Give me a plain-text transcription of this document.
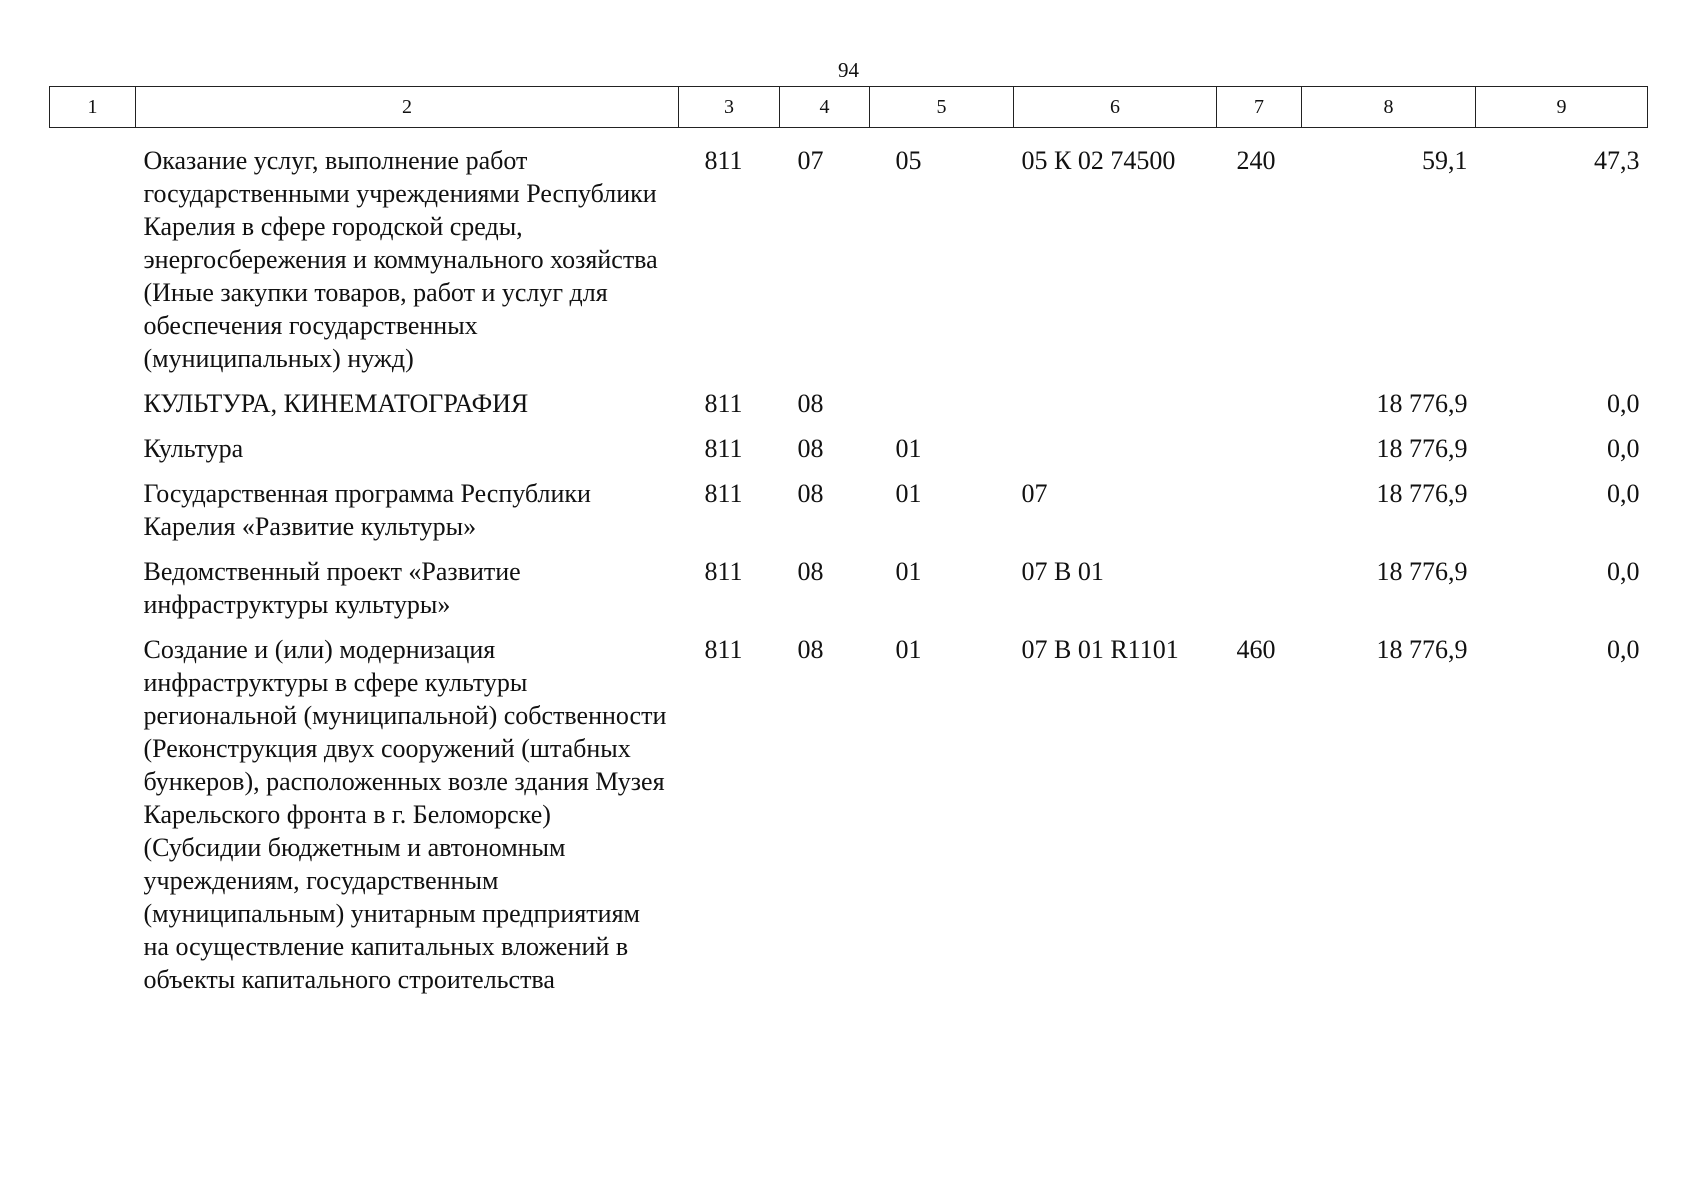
94
1	2	3	4	5	6	7	8	9
	Оказание услуг, выполнение работ государственными учреждениями Республики Карелия в сфере городской среды, энергосбережения и коммунального хозяйства (Иные закупки товаров, работ и услуг для обеспечения государственных (муниципальных) нужд)	811	07	05	05 К 02 74500	240	59,1	47,3
	КУЛЬТУРА, КИНЕМАТОГРАФИЯ	811	08				18 776,9	0,0
	Культура	811	08	01			18 776,9	0,0
	Государственная программа Республики Карелия «Развитие культуры»	811	08	01	07		18 776,9	0,0
	Ведомственный проект «Развитие инфраструктуры культуры»	811	08	01	07 В 01		18 776,9	0,0
	Создание и (или) модернизация инфраструктуры в сфере культуры региональной (муниципальной) собственности (Реконструкция двух сооружений (штабных бункеров), расположенных возле здания Музея Карельского фронта в г. Беломорске) (Субсидии бюджетным и автономным учреждениям, государственным (муниципальным) унитарным предприятиям на осуществление капитальных вложений в объекты капитального строительства	811	08	01	07 В 01 R1101	460	18 776,9	0,0
